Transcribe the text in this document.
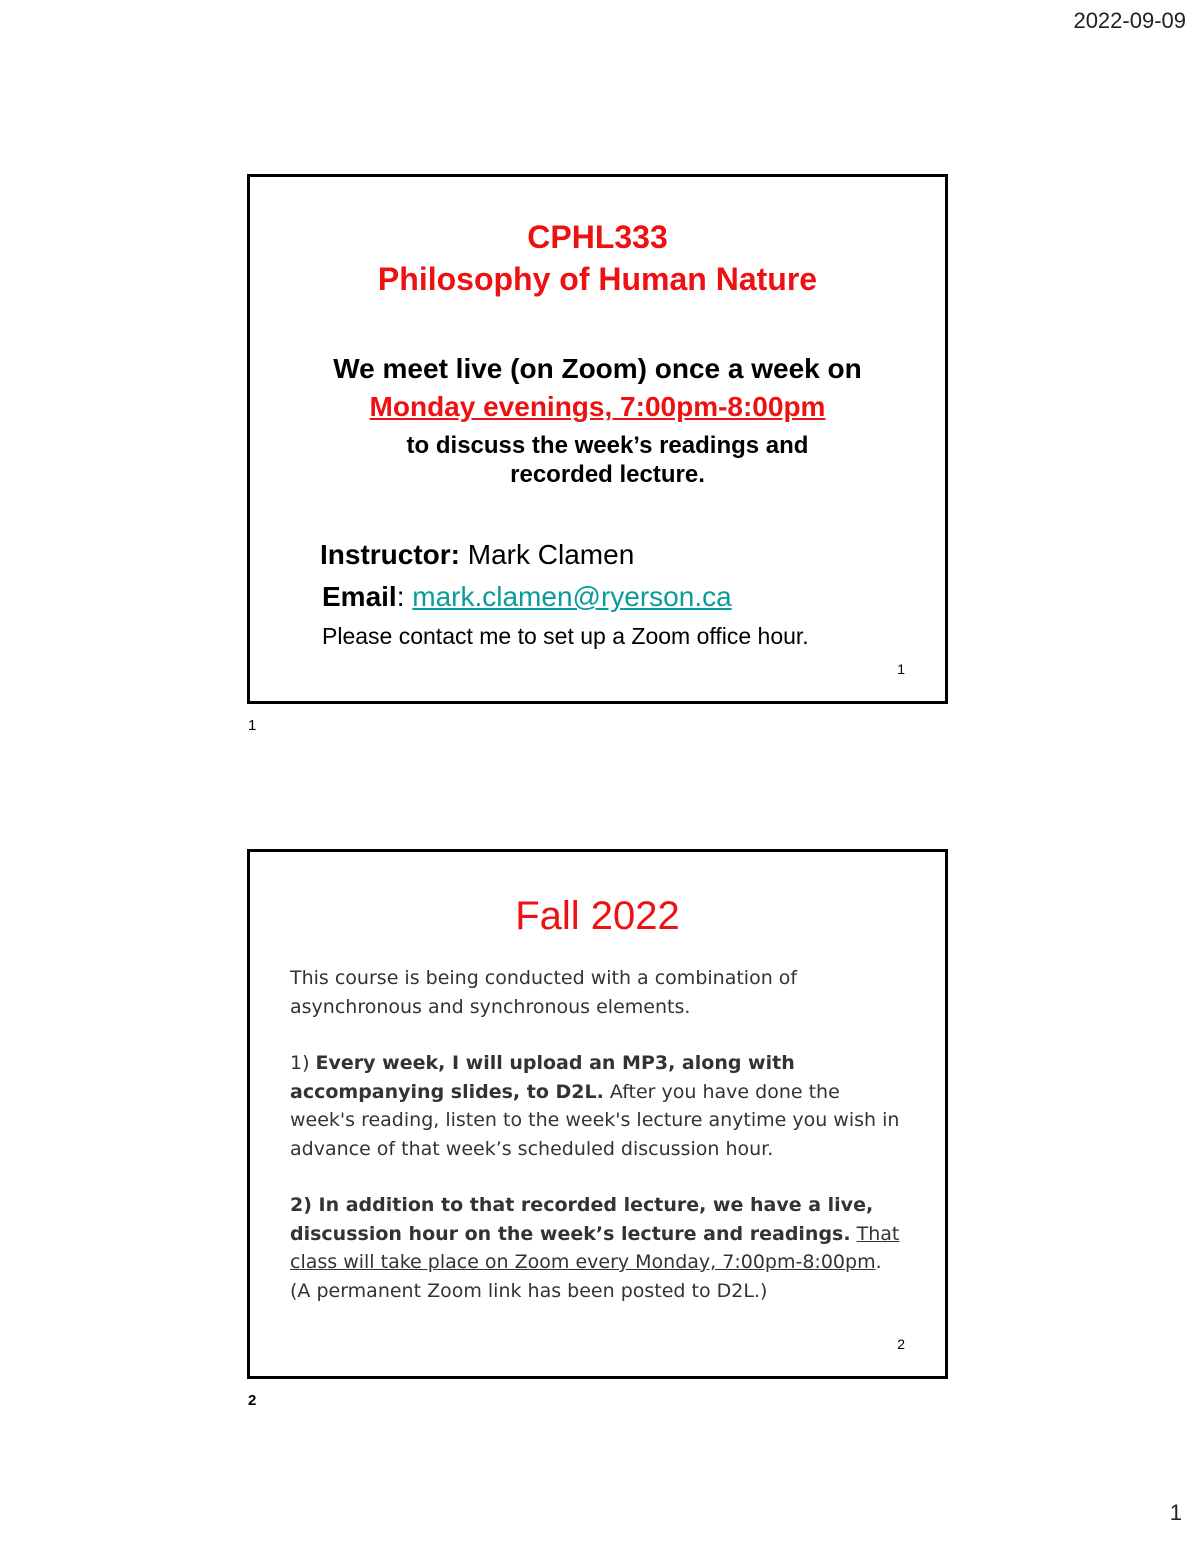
2022-09-09
CPHL333
Philosophy of Human Nature
We meet live (on Zoom) once a week on
Monday evenings, 7:00pm-8:00pm
to discuss the week’s readings and
recorded lecture.
Instructor: Mark Clamen
Email: mark.clamen@ryerson.ca
Please contact me to set up a Zoom office hour.
1
1
Fall 2022

This course is being conducted with a combination of asynchronous and synchronous elements.

1) Every week, I will upload an MP3, along with accompanying slides, to D2L. After you have done the week's reading, listen to the week's lecture anytime you wish in advance of that week’s scheduled discussion hour.

2) In addition to that recorded lecture, we have a live, discussion hour on the week’s lecture and readings. That class will take place on Zoom every Monday, 7:00pm-8:00pm. (A permanent Zoom link has been posted to D2L.)

2
2
1
